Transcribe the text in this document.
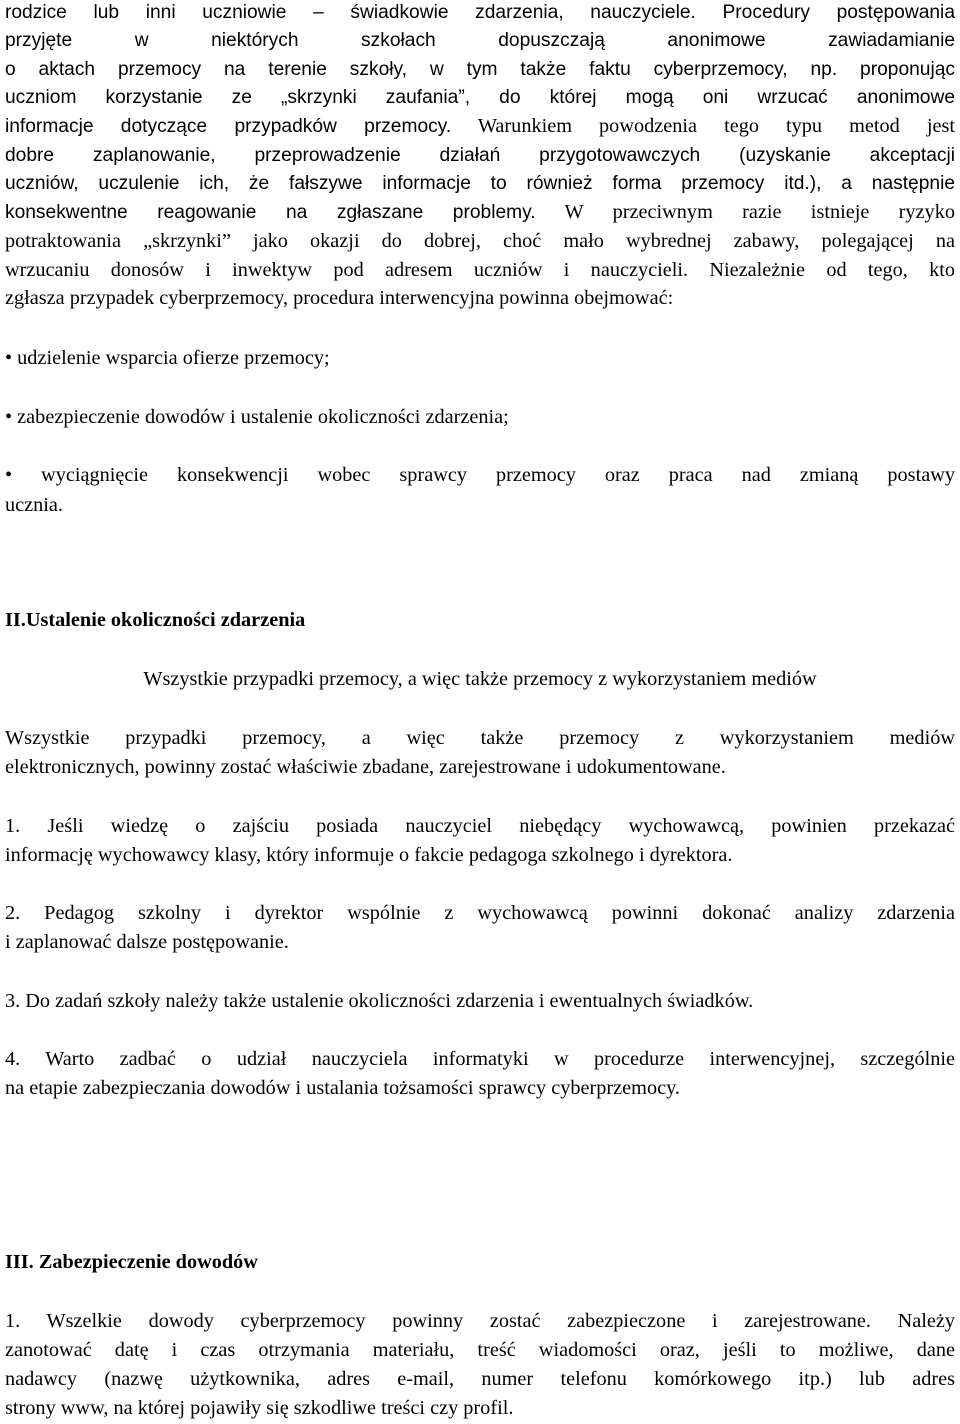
rodzice lub inni uczniowie – świadkowie zdarzenia, nauczyciele. Procedury postępowania

przyjęte w niektórych szkołach dopuszczają anonimowe zawiadamianie

o aktach przemocy na terenie szkoły, w tym także faktu cyberprzemocy, np. proponując

uczniom korzystanie ze „skrzynki zaufania”, do której mogą oni wrzucać anonimowe

informacje dotyczące przypadków przemocy. Warunkiem powodzenia tego typu metod jest

dobre zaplanowanie, przeprowadzenie działań przygotowawczych (uzyskanie akceptacji

uczniów, uczulenie ich, że fałszywe informacje to również forma przemocy itd.), a następnie

konsekwentne reagowanie na zgłaszane problemy. W przeciwnym razie istnieje ryzyko

potraktowania „skrzynki” jako okazji do dobrej, choć mało wybrednej zabawy, polegającej na

wrzucaniu donosów i inwektyw pod adresem uczniów i nauczycieli. Niezależnie od tego, kto

zgłasza przypadek cyberprzemocy, procedura interwencyjna powinna obejmować:

• udzielenie wsparcia ofierze przemocy;

• zabezpieczenie dowodów i ustalenie okoliczności zdarzenia;

• wyciągnięcie konsekwencji wobec sprawcy przemocy oraz praca nad zmianą postawy

ucznia.

II.Ustalenie okoliczności zdarzenia

Wszystkie przypadki przemocy, a więc także przemocy z wykorzystaniem mediów

Wszystkie przypadki przemocy, a więc także przemocy z wykorzystaniem mediów

elektronicznych, powinny zostać właściwie zbadane, zarejestrowane i udokumentowane.

1. Jeśli wiedzę o zajściu posiada nauczyciel niebędący wychowawcą, powinien przekazać

informację wychowawcy klasy, który informuje o fakcie pedagoga szkolnego i dyrektora.

2. Pedagog szkolny i dyrektor wspólnie z wychowawcą powinni dokonać analizy zdarzenia

i zaplanować dalsze postępowanie.

3. Do zadań szkoły należy także ustalenie okoliczności zdarzenia i ewentualnych świadków.

4. Warto zadbać o udział nauczyciela informatyki w procedurze interwencyjnej, szczególnie

na etapie zabezpieczania dowodów i ustalania tożsamości sprawcy cyberprzemocy.

III. Zabezpieczenie dowodów

1. Wszelkie dowody cyberprzemocy powinny zostać zabezpieczone i zarejestrowane. Należy

zanotować datę i czas otrzymania materiału, treść wiadomości oraz, jeśli to możliwe, dane

nadawcy (nazwę użytkownika, adres e-mail, numer telefonu komórkowego itp.) lub adres

strony www, na której pojawiły się szkodliwe treści czy profil.
